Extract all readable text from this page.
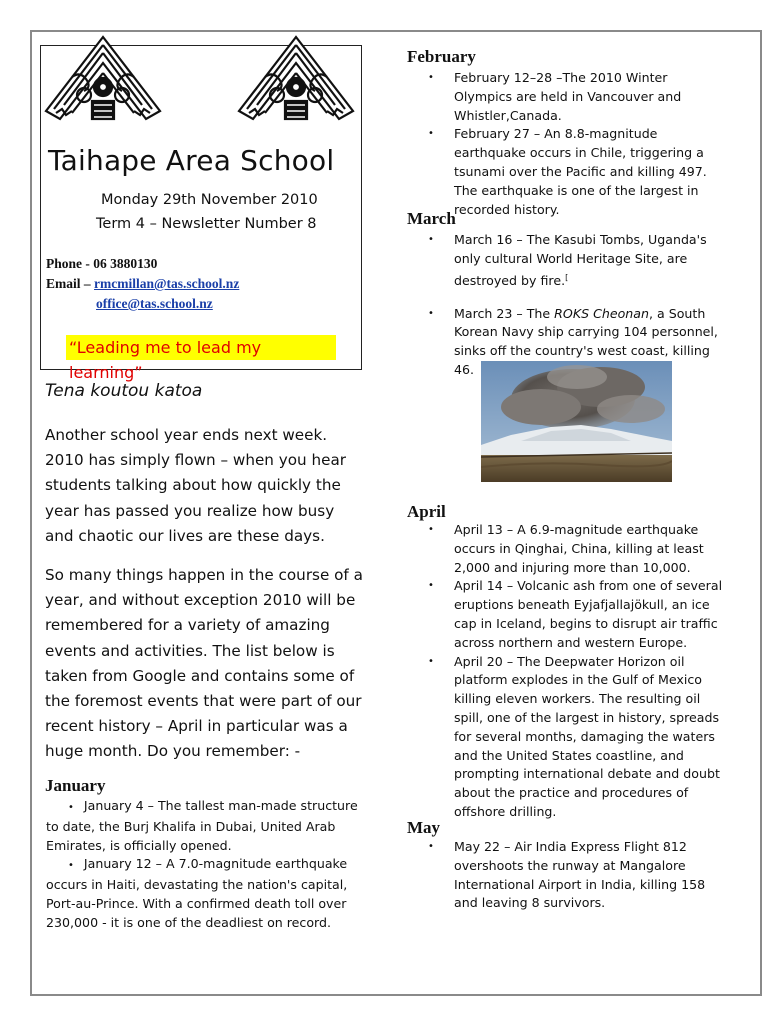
Taihape Area School
Monday 29th November 2010
Term 4 – Newsletter Number 8
Phone - 06 3880130
Email – rmcmillan@tas.school.nz
office@tas.school.nz
“Leading me to lead my learning”
Tena koutou katoa

Another school year ends next week. 2010 has simply flown – when you hear students talking about how quickly the year has passed you realize how busy and chaotic our lives are these days.

So many things happen in the course of a year, and without exception 2010 will be remembered for a variety of amazing events and activities. The list below is taken from Google and contains some of the foremost events that were part of our recent history – April in particular was a huge month. Do you remember: -

January
• January 4 – The tallest man-made structure
to date, the Burj Khalifa in Dubai, United Arab Emirates, is officially opened.
• January 12 – A 7.0-magnitude earthquake
occurs in Haiti, devastating the nation's capital, Port-au-Prince. With a confirmed death toll over 230,000 - it is one of the deadliest on record.
February
• February 12–28 –The 2010 Winter Olympics are held in Vancouver and Whistler,Canada.
• February 27 – An 8.8-magnitude earthquake occurs in Chile, triggering a tsunami over the Pacific and killing 497. The earthquake is one of the largest in recorded history.
March
• March 16 – The Kasubi Tombs, Uganda's only cultural World Heritage Site, are destroyed by fire.[
• March 23 – The ROKS Cheonan, a South Korean Navy ship carrying 104 personnel, sinks off the country's west coast, killing 46.
April
• April 13 – A 6.9-magnitude earthquake occurs in Qinghai, China, killing at least 2,000 and injuring more than 10,000.
• April 14 – Volcanic ash from one of several eruptions beneath Eyjafjallajökull, an ice cap in Iceland, begins to disrupt air traffic across northern and western Europe.
• April 20 – The Deepwater Horizon oil platform explodes in the Gulf of Mexico killing eleven workers. The resulting oil spill, one of the largest in history, spreads for several months, damaging the waters and the United States coastline, and prompting international debate and doubt about the practice and procedures of offshore drilling.
May
• May 22 – Air India Express Flight 812 overshoots the runway at Mangalore International Airport in India, killing 158 and leaving 8 survivors.
